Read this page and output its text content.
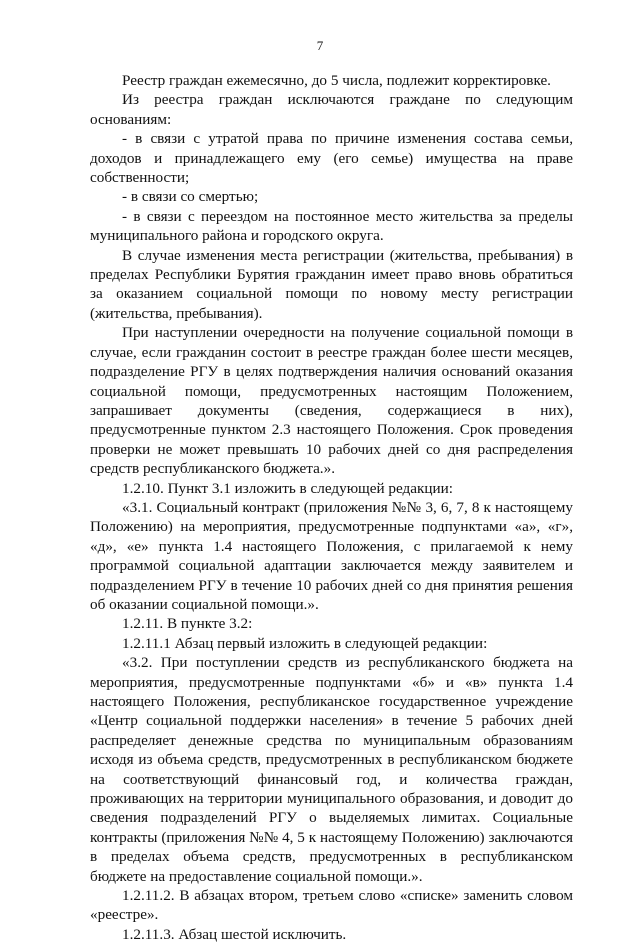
7

Реестр граждан ежемесячно, до 5 числа, подлежит корректировке.

Из реестра граждан исключаются граждане по следующим основаниям:

- в связи с утратой права по причине изменения состава семьи, доходов и принадлежащего ему (его семье) имущества на праве собственности;

- в связи со смертью;

- в связи с переездом на постоянное место жительства за пределы муниципального района и городского округа.

В случае изменения места регистрации (жительства, пребывания) в пределах Республики Бурятия гражданин имеет право вновь обратиться за оказанием социальной помощи по новому месту регистрации (жительства, пребывания).

При наступлении очередности на получение социальной помощи в случае, если гражданин состоит в реестре граждан более шести месяцев, подразделение РГУ в целях подтверждения наличия оснований оказания социальной помощи, предусмотренных настоящим Положением, запрашивает документы (сведения, содержащиеся в них), предусмотренные пунктом 2.3 настоящего Положения. Срок проведения проверки не может превышать 10 рабочих дней со дня распределения средств республиканского бюджета.».

1.2.10. Пункт 3.1 изложить в следующей редакции:

«3.1. Социальный контракт (приложения №№ 3, 6, 7, 8 к настоящему Положению) на мероприятия, предусмотренные подпунктами «а», «г», «д», «е» пункта 1.4 настоящего Положения, с прилагаемой к нему программой социальной адаптации заключается между заявителем и подразделением РГУ в течение 10 рабочих дней со дня принятия решения об оказании социальной помощи.».

1.2.11. В пункте 3.2:

1.2.11.1 Абзац первый изложить в следующей редакции:

«3.2. При поступлении средств из республиканского бюджета на мероприятия, предусмотренные подпунктами «б» и «в» пункта 1.4 настоящего Положения, республиканское государственное учреждение «Центр социальной поддержки населения» в течение 5 рабочих дней распределяет денежные средства по муниципальным образованиям исходя из объема средств, предусмотренных в республиканском бюджете на соответствующий финансовый год, и количества граждан, проживающих на территории муниципального образования, и доводит до сведения подразделений РГУ о выделяемых лимитах. Социальные контракты (приложения №№ 4, 5 к настоящему Положению) заключаются в пределах объема средств, предусмотренных в республиканском бюджете на предоставление социальной помощи.».

1.2.11.2. В абзацах втором, третьем слово «списке» заменить словом «реестре».

1.2.11.3. Абзац шестой исключить.
